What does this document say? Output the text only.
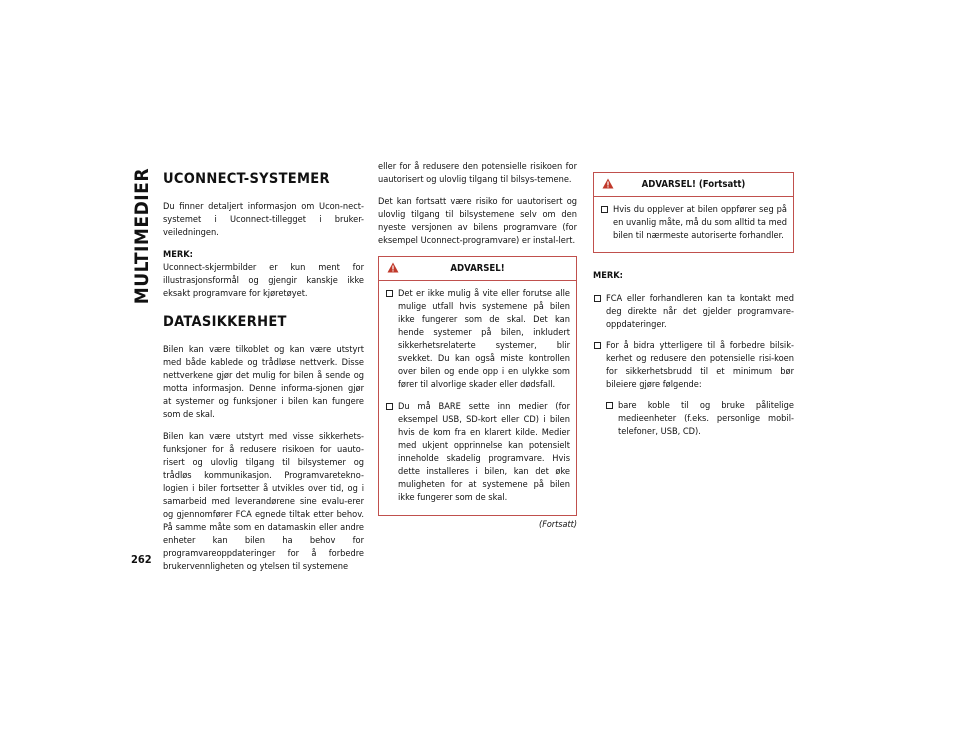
MULTIMEDIER
262
UCONNECT-SYSTEMER

Du finner detaljert informasjon om Ucon-nect-systemet i Uconnect-tillegget i bruker-veiledningen.

MERK:

Uconnect-skjermbilder er kun ment for illustrasjonsformål og gjengir kanskje ikke eksakt programvare for kjøretøyet.

DATASIKKERHET

Bilen kan være tilkoblet og kan være utstyrt med både kablede og trådløse nettverk. Disse nettverkene gjør det mulig for bilen å sende og motta informasjon. Denne informa-sjonen gjør at systemer og funksjoner i bilen kan fungere som de skal.

Bilen kan være utstyrt med visse sikkerhets-funksjoner for å redusere risikoen for uauto-risert og ulovlig tilgang til bilsystemer og trådløs kommunikasjon. Programvaretekno-logien i biler fortsetter å utvikles over tid, og i samarbeid med leverandørene sine evalu-erer og gjennomfører FCA egnede tiltak etter behov. På samme måte som en datamaskin eller andre enheter kan bilen ha behov for programvareoppdateringer for å forbedre brukervennligheten og ytelsen til systemene

eller for å redusere den potensielle risikoen for uautorisert og ulovlig tilgang til bilsys-temene.

Det kan fortsatt være risiko for uautorisert og ulovlig tilgang til bilsystemene selv om den nyeste versjonen av bilens programvare (for eksempel Uconnect-programvare) er instal-lert.

ADVARSEL!
Det er ikke mulig å vite eller forutse alle mulige utfall hvis systemene på bilen ikke fungerer som de skal. Det kan hende systemer på bilen, inkludert sikkerhetsrelaterte systemer, blir svekket. Du kan også miste kontrollen over bilen og ende opp i en ulykke som fører til alvorlige skader eller dødsfall.
Du må BARE sette inn medier (for eksempel USB, SD-kort eller CD) i bilen hvis de kom fra en klarert kilde. Medier med ukjent opprinnelse kan potensielt inneholde skadelig programvare. Hvis dette installeres i bilen, kan det øke muligheten for at systemene på bilen ikke fungerer som de skal.
(Fortsatt)
ADVARSEL! (Fortsatt)
Hvis du opplever at bilen oppfører seg på en uvanlig måte, må du som alltid ta med bilen til nærmeste autoriserte forhandler.
MERK:
FCA eller forhandleren kan ta kontakt med deg direkte når det gjelder programvare-oppdateringer.
For å bidra ytterligere til å forbedre bilsik-kerhet og redusere den potensielle risi-koen for sikkerhetsbrudd til et minimum bør bileiere gjøre følgende:
bare koble til og bruke pålitelige medieenheter (f.eks. personlige mobil-telefoner, USB, CD).
